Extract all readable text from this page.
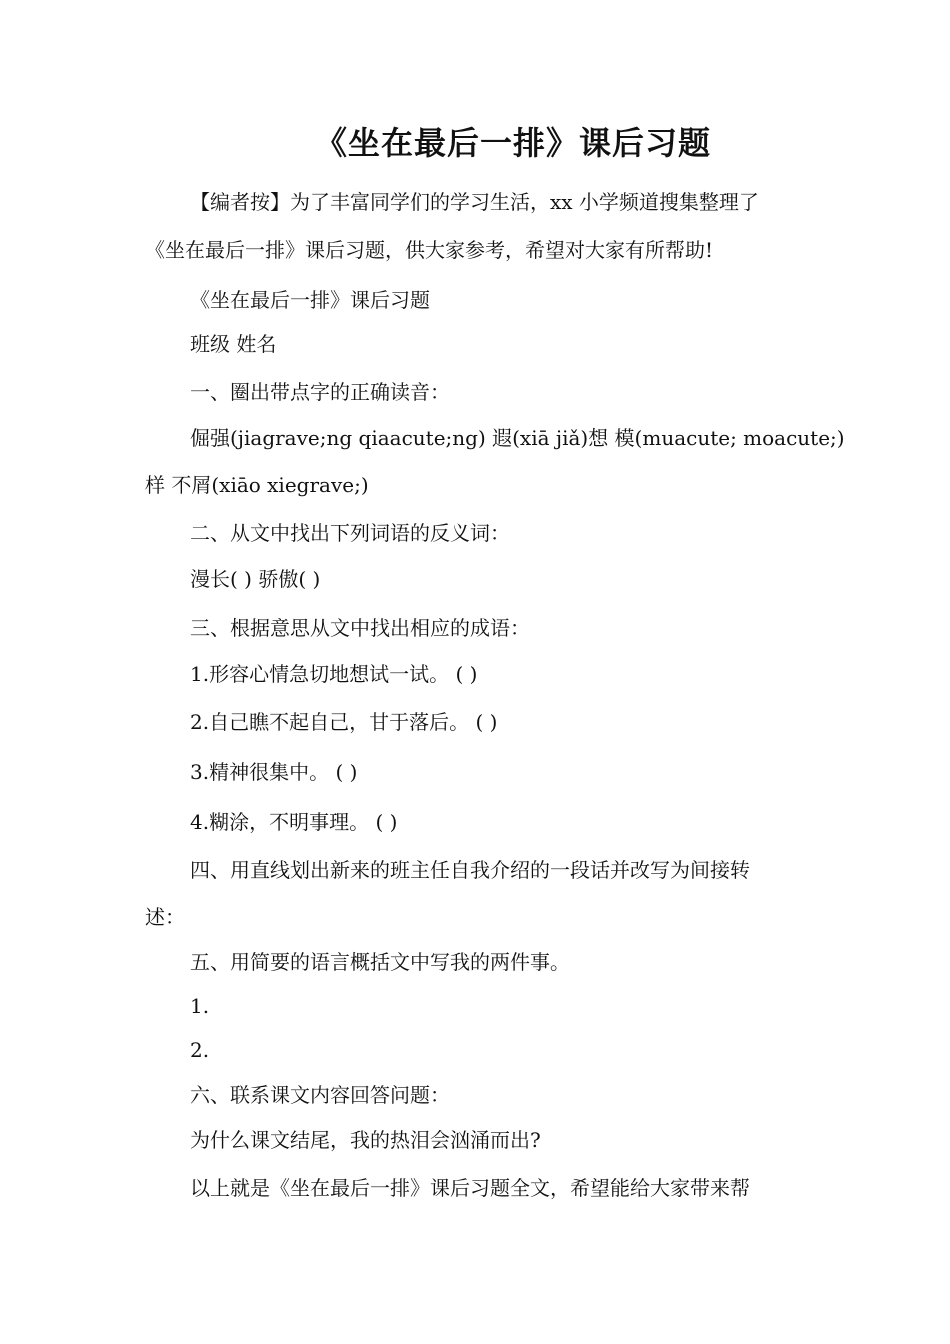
《坐在最后一排》课后习题
【编者按】为了丰富同学们的学习生活，xx 小学频道搜集整理了
《坐在最后一排》课后习题，供大家参考，希望对大家有所帮助!
《坐在最后一排》课后习题
班级 姓名
一、圈出带点字的正确读音：
倔强(jiagrave;ng qiaacute;ng) 遐(xiā jiǎ)想 模(muacute; moacute;)
样 不屑(xiāo xiegrave;)
二、从文中找出下列词语的反义词：
漫长( ) 骄傲( )
三、根据意思从文中找出相应的成语：
1.形容心情急切地想试一试。 ( )
2.自己瞧不起自己，甘于落后。 ( )
3.精神很集中。 ( )
4.糊涂，不明事理。 ( )
四、用直线划出新来的班主任自我介绍的一段话并改写为间接转
述：
五、用简要的语言概括文中写我的两件事。
1.
2.
六、联系课文内容回答问题：
为什么课文结尾，我的热泪会汹涌而出?
以上就是《坐在最后一排》课后习题全文，希望能给大家带来帮
